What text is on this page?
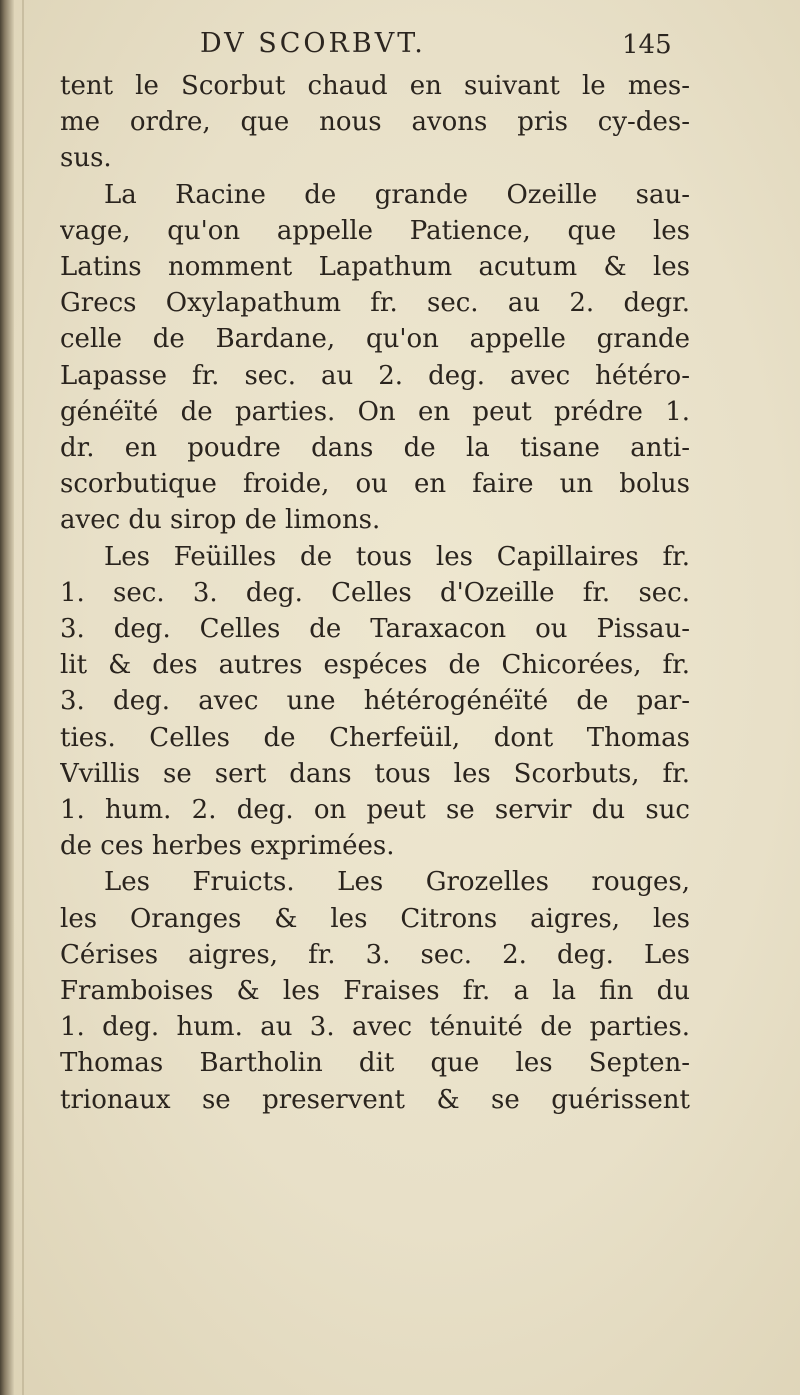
DV SCORBVT.	145
tent le Scorbut chaud en suivant le mes-
me ordre, que nous avons pris cy-des-
sus.
La Racine de grande Ozeille sau-
vage, qu'on appelle Patience, que les
Latins nomment Lapathum acutum & les
Grecs Oxylapathum fr. sec. au 2. degr.
celle de Bardane, qu'on appelle grande
Lapasse fr. sec. au 2. deg. avec hétéro-
généïté de parties. On en peut prédre 1.
dr. en poudre dans de la tisane anti-
scorbutique froide, ou en faire un bolus
avec du sirop de limons.
Les Feüilles de tous les Capillaires fr.
1. sec. 3. deg. Celles d'Ozeille fr. sec.
3. deg. Celles de Taraxacon ou Pissau-
lit & des autres espéces de Chicorées, fr.
3. deg. avec une hétérogénéïté de par-
ties. Celles de Cherfeüil, dont Thomas
Vvillis se sert dans tous les Scorbuts, fr.
1. hum. 2. deg. on peut se servir du suc
de ces herbes exprimées.
Les Fruicts. Les Grozelles rouges,
les Oranges & les Citrons aigres, les
Cérises aigres, fr. 3. sec. 2. deg. Les
Framboises & les Fraises fr. a la fin du
1. deg. hum. au 3. avec ténuité de parties.
Thomas Bartholin dit que les Septen-
trionaux se preservent & se guérissent
